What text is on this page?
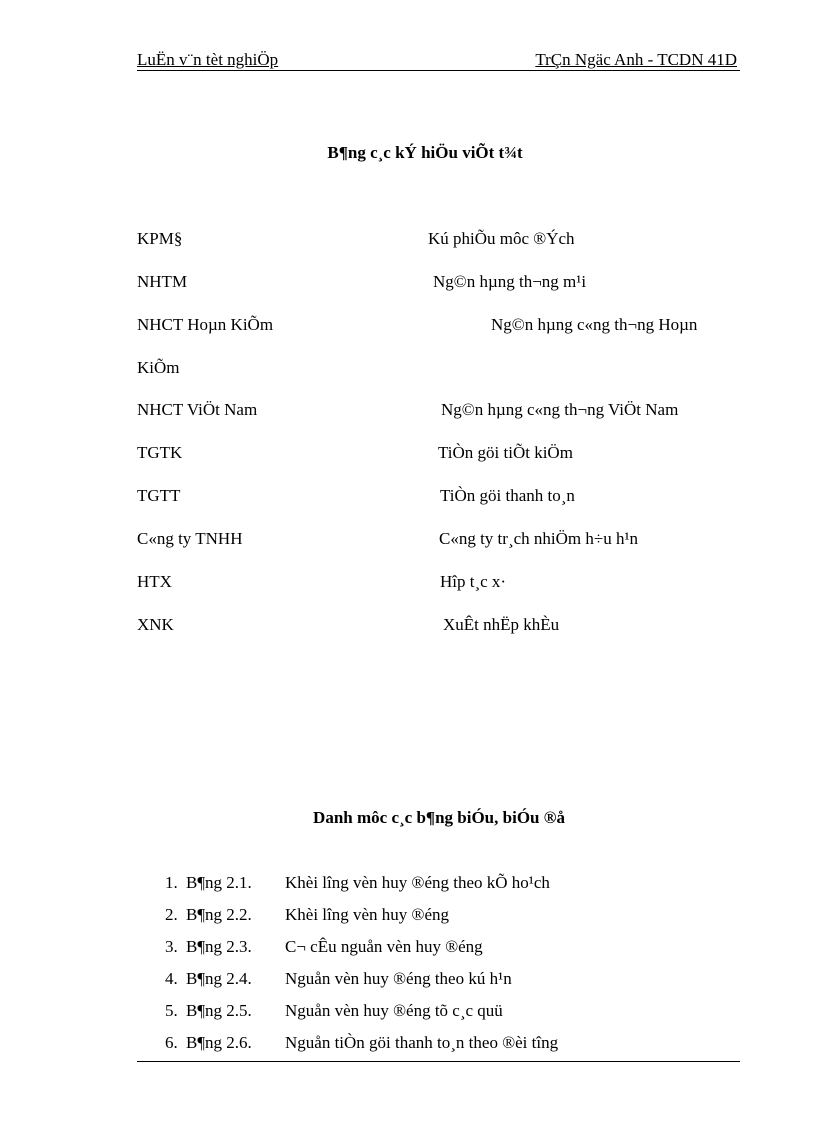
LuËn v¨n tèt nghiÖp	TrÇn Ngäc Anh - TCDN 41D
B¶ng c¸c kÝ hiÖu viÕt t¾t
KPM§	Kú phiÕu môc ®Ých
NHTM	Ng©n hµng th¬ng m¹i
NHCT Hoµn KiÕm	Ng©n hµng c«ng th¬ng Hoµn
KiÕm
NHCT ViÖt Nam	Ng©n hµng c«ng th¬ng ViÖt Nam
TGTK	TiÒn göi tiÕt kiÖm
TGTT	TiÒn göi thanh to¸n
C«ng ty TNHH	C«ng ty tr¸ch nhiÖm h÷u h¹n
HTX	Hîp t¸c x·
XNK	XuÊt nhËp khÈu
Danh môc c¸c b¶ng biÓu, biÓu ®å
1. B¶ng 2.1. Khèi lîng vèn huy ®éng theo kÕ ho¹ch
2. B¶ng 2.2. Khèi lîng vèn huy ®éng
3. B¶ng 2.3. C¬ cÊu nguån vèn huy ®éng
4. B¶ng 2.4. Nguån vèn huy ®éng theo kú h¹n
5. B¶ng 2.5. Nguån vèn huy ®éng tõ c¸c quü
6. B¶ng 2.6. Nguån tiÒn göi thanh to¸n theo ®èi tîng
